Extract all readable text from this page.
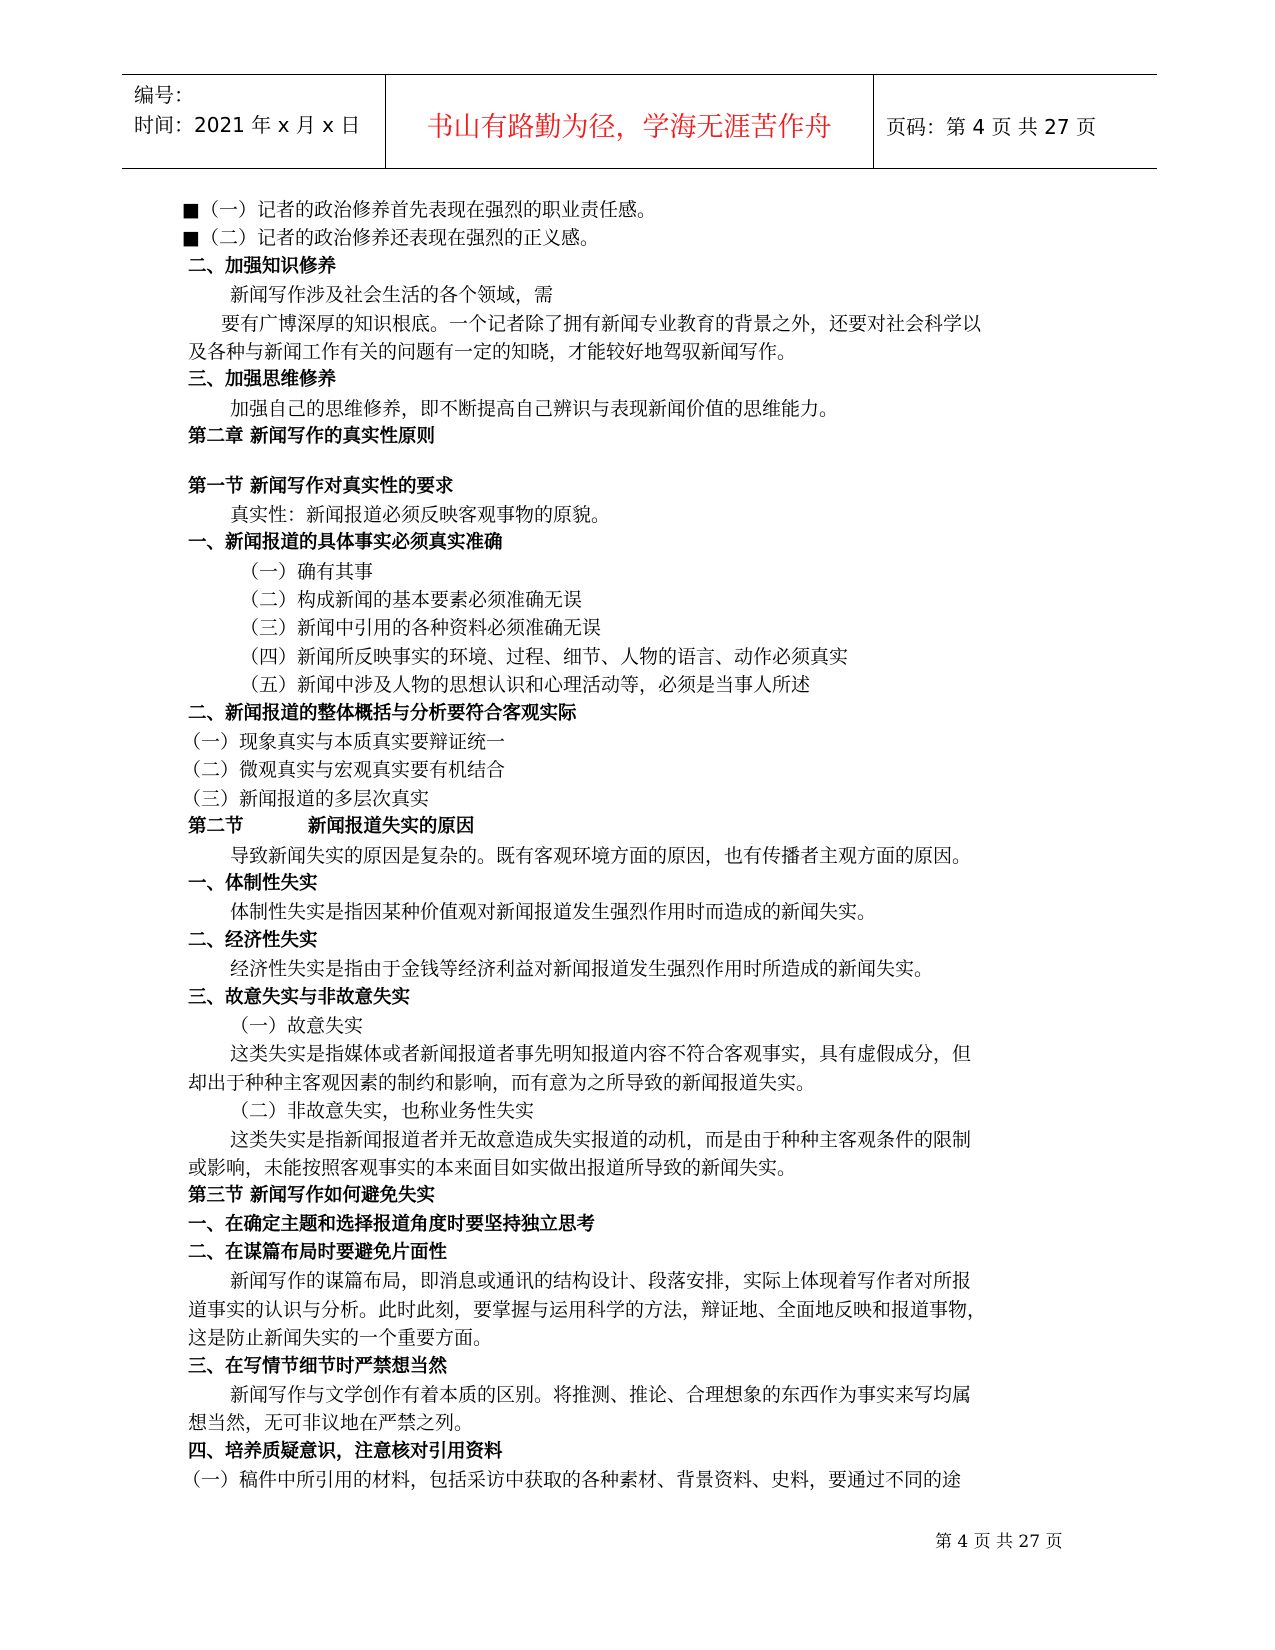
编号：
时间：2021 年 x 月 x 日	书山有路勤为径，学海无涯苦作舟	页码：第 4 页 共 27 页
■（一）记者的政治修养首先表现在强烈的职业责任感。
■（二）记者的政治修养还表现在强烈的正义感。
二、加强知识修养
新闻写作涉及社会生活的各个领域，需
要有广博深厚的知识根底。一个记者除了拥有新闻专业教育的背景之外，还要对社会科学以
及各种与新闻工作有关的问题有一定的知晓，才能较好地驾驭新闻写作。
三、加强思维修养
加强自己的思维修养，即不断提高自己辨识与表现新闻价值的思维能力。
第二章 新闻写作的真实性原则
第一节 新闻写作对真实性的要求
真实性：新闻报道必须反映客观事物的原貌。
一、新闻报道的具体事实必须真实准确
（一）确有其事
（二）构成新闻的基本要素必须准确无误
（三）新闻中引用的各种资料必须准确无误
（四）新闻所反映事实的环境、过程、细节、人物的语言、动作必须真实
（五）新闻中涉及人物的思想认识和心理活动等，必须是当事人所述
二、新闻报道的整体概括与分析要符合客观实际
（一）现象真实与本质真实要辩证统一
（二）微观真实与宏观真实要有机结合
（三）新闻报道的多层次真实
第二节          新闻报道失实的原因
导致新闻失实的原因是复杂的。既有客观环境方面的原因，也有传播者主观方面的原因。
一、体制性失实
体制性失实是指因某种价值观对新闻报道发生强烈作用时而造成的新闻失实。
二、经济性失实
经济性失实是指由于金钱等经济利益对新闻报道发生强烈作用时所造成的新闻失实。
三、故意失实与非故意失实
（一）故意失实
这类失实是指媒体或者新闻报道者事先明知报道内容不符合客观事实，具有虚假成分，但
却出于种种主客观因素的制约和影响，而有意为之所导致的新闻报道失实。
（二）非故意失实，也称业务性失实
这类失实是指新闻报道者并无故意造成失实报道的动机，而是由于种种主客观条件的限制
或影响，未能按照客观事实的本来面目如实做出报道所导致的新闻失实。
第三节 新闻写作如何避免失实
一、在确定主题和选择报道角度时要坚持独立思考
二、在谋篇布局时要避免片面性
新闻写作的谋篇布局，即消息或通讯的结构设计、段落安排，实际上体现着写作者对所报
道事实的认识与分析。此时此刻，要掌握与运用科学的方法，辩证地、全面地反映和报道事物，
这是防止新闻失实的一个重要方面。
三、在写情节细节时严禁想当然
新闻写作与文学创作有着本质的区别。将推测、推论、合理想象的东西作为事实来写均属
想当然，无可非议地在严禁之列。
四、培养质疑意识，注意核对引用资料
（一）稿件中所引用的材料，包括采访中获取的各种素材、背景资料、史料，要通过不同的途
第 4 页 共 27 页
